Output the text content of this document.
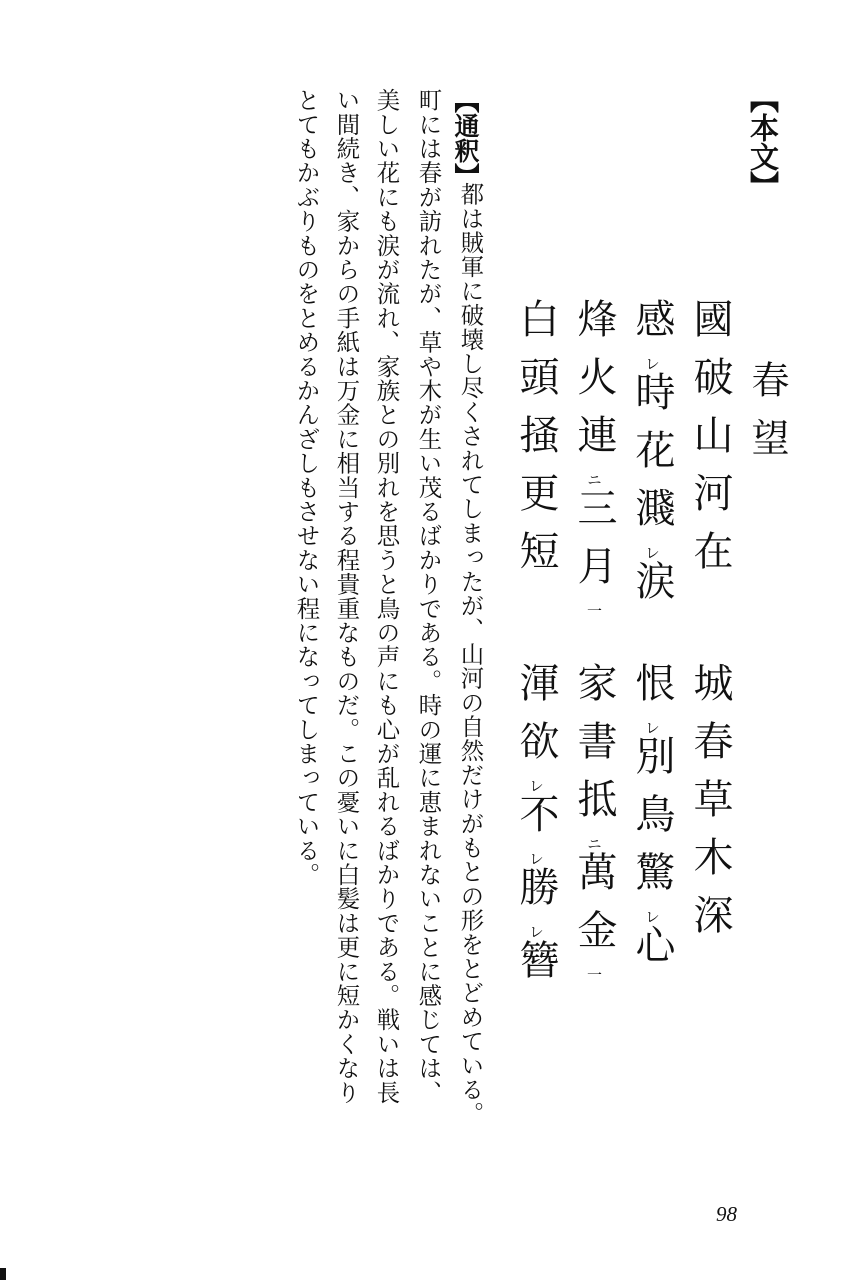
【本文】
春望
國破山河在
城春草木深
感レ時花濺レ涙
恨レ別鳥驚レ心
烽火連ニ三月一
家書抵ニ萬金一
白頭掻更短
渾欲レ不レ勝レ簪
【通釈】
都は賊軍に破壊し尽くされてしまったが、山河の自然だけがもとの形をとどめている。
町には春が訪れたが、草や木が生い茂るばかりである。時の運に恵まれないことに感じては、
美しい花にも涙が流れ、家族との別れを思うと鳥の声にも心が乱れるばかりである。戦いは長
い間続き、家からの手紙は万金に相当する程貴重なものだ。この憂いに白髪は更に短かくなり
とてもかぶりものをとめるかんざしもさせない程になってしまっている。
98
